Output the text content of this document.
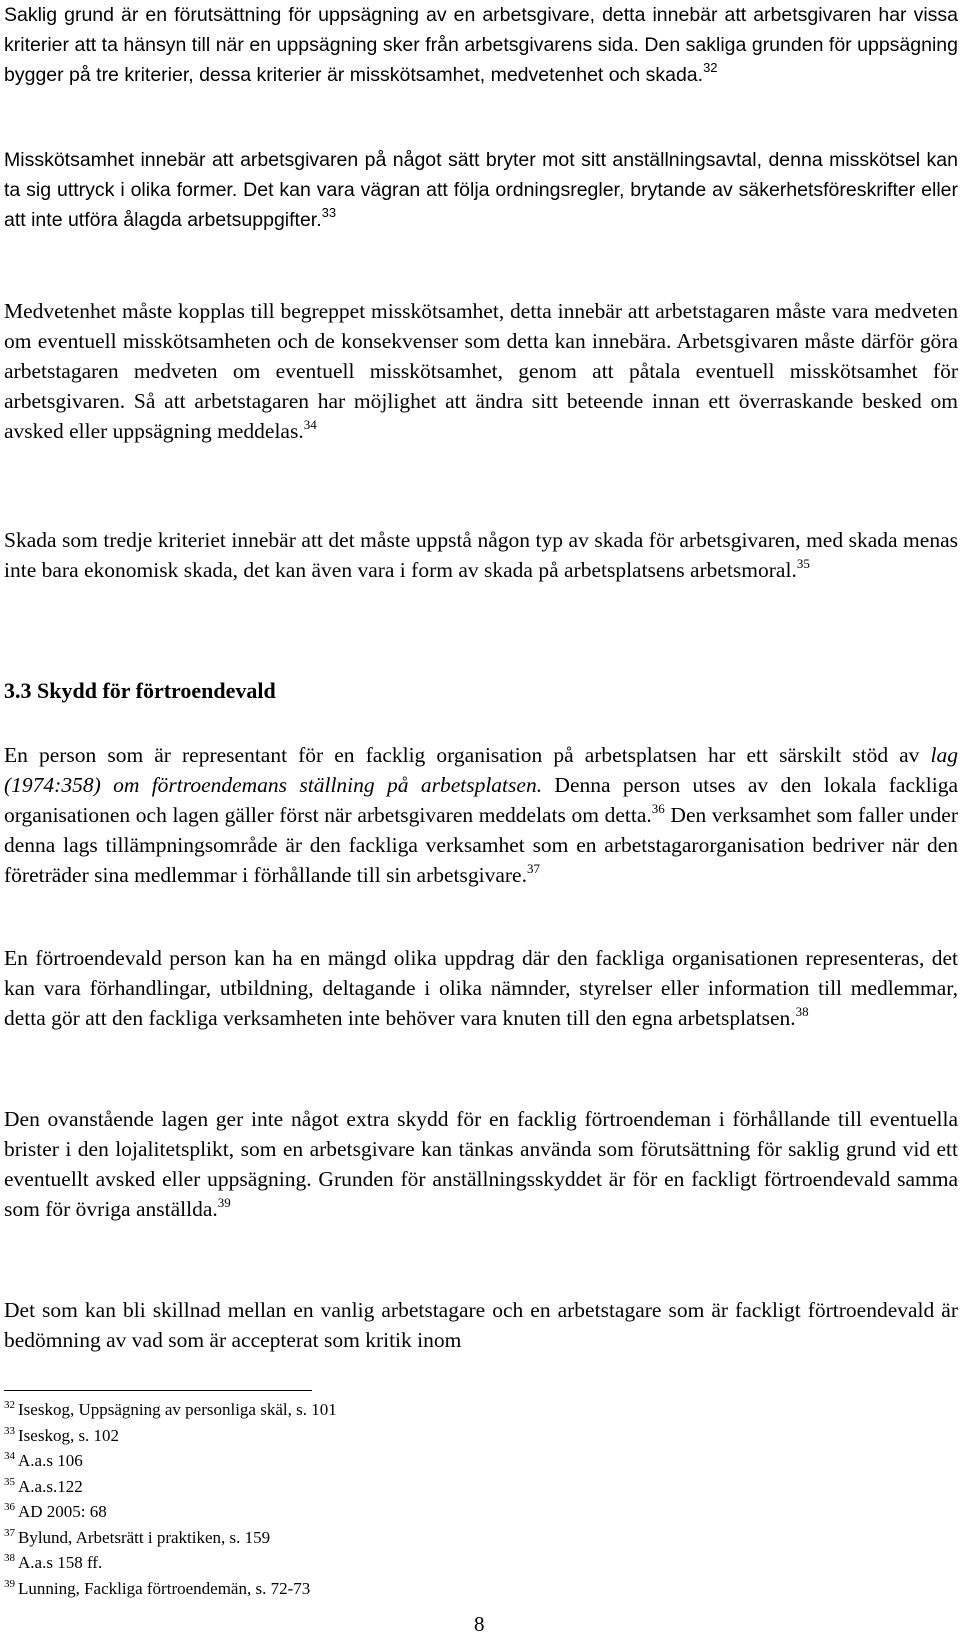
Saklig grund är en förutsättning för uppsägning av en arbetsgivare, detta innebär att arbetsgivaren har vissa kriterier att ta hänsyn till när en uppsägning sker från arbetsgivarens sida. Den sakliga grunden för uppsägning bygger på tre kriterier, dessa kriterier är misskötsamhet, medvetenhet och skada.$^{32}$

Misskötsamhet innebär att arbetsgivaren på något sätt bryter mot sitt anställningsavtal, denna misskötsel kan ta sig uttryck i olika former. Det kan vara vägran att följa ordningsregler, brytande av säkerhetsföreskrifter eller att inte utföra ålagda arbetsuppgifter.$^{33}$

Medvetenhet måste kopplas till begreppet misskötsamhet, detta innebär att arbetstagaren måste vara medveten om eventuell misskötsamheten och de konsekvenser som detta kan innebära. Arbetsgivaren måste därför göra arbetstagaren medveten om eventuell misskötsamhet, genom att påtala eventuell misskötsamhet för arbetsgivaren. Så att arbetstagaren har möjlighet att ändra sitt beteende innan ett överraskande besked om avsked eller uppsägning meddelas.$^{34}$

Skada som tredje kriteriet innebär att det måste uppstå någon typ av skada för arbetsgivaren, med skada menas inte bara ekonomisk skada, det kan även vara i form av skada på arbetsplatsens arbetsmoral.$^{35}$

3.3 Skydd för förtroendevald

En person som är representant för en facklig organisation på arbetsplatsen har ett särskilt stöd av lag (1974:358) om förtroendemans ställning på arbetsplatsen. Denna person utses av den lokala fackliga organisationen och lagen gäller först när arbetsgivaren meddelats om detta.$^{36}$ Den verksamhet som faller under denna lags tillämpningsområde är den fackliga verksamhet som en arbetstagarorganisation bedriver när den företräder sina medlemmar i förhållande till sin arbetsgivare.$^{37}$

En förtroendevald person kan ha en mängd olika uppdrag där den fackliga organisationen representeras, det kan vara förhandlingar, utbildning, deltagande i olika nämnder, styrelser eller information till medlemmar, detta gör att den fackliga verksamheten inte behöver vara knuten till den egna arbetsplatsen.$^{38}$

Den ovanstående lagen ger inte något extra skydd för en facklig förtroendeman i förhållande till eventuella brister i den lojalitetsplikt, som en arbetsgivare kan tänkas använda som förutsättning för saklig grund vid ett eventuellt avsked eller uppsägning. Grunden för anställningsskyddet är för en fackligt förtroendevald samma som för övriga anställda.$^{39}$

Det som kan bli skillnad mellan en vanlig arbetstagare och en arbetstagare som är fackligt förtroendevald är bedömning av vad som är accepterat som kritik inom

$^{32}$ Iseskog, Uppsägning av personliga skäl, s. 101
$^{33}$ Iseskog, s. 102
$^{34}$ A.a.s 106
$^{35}$ A.a.s.122
$^{36}$ AD 2005: 68
$^{37}$ Bylund, Arbetsrätt i praktiken, s. 159
$^{38}$ A.a.s 158 ff.
$^{39}$ Lunning, Fackliga förtroendemän, s. 72-73
8
